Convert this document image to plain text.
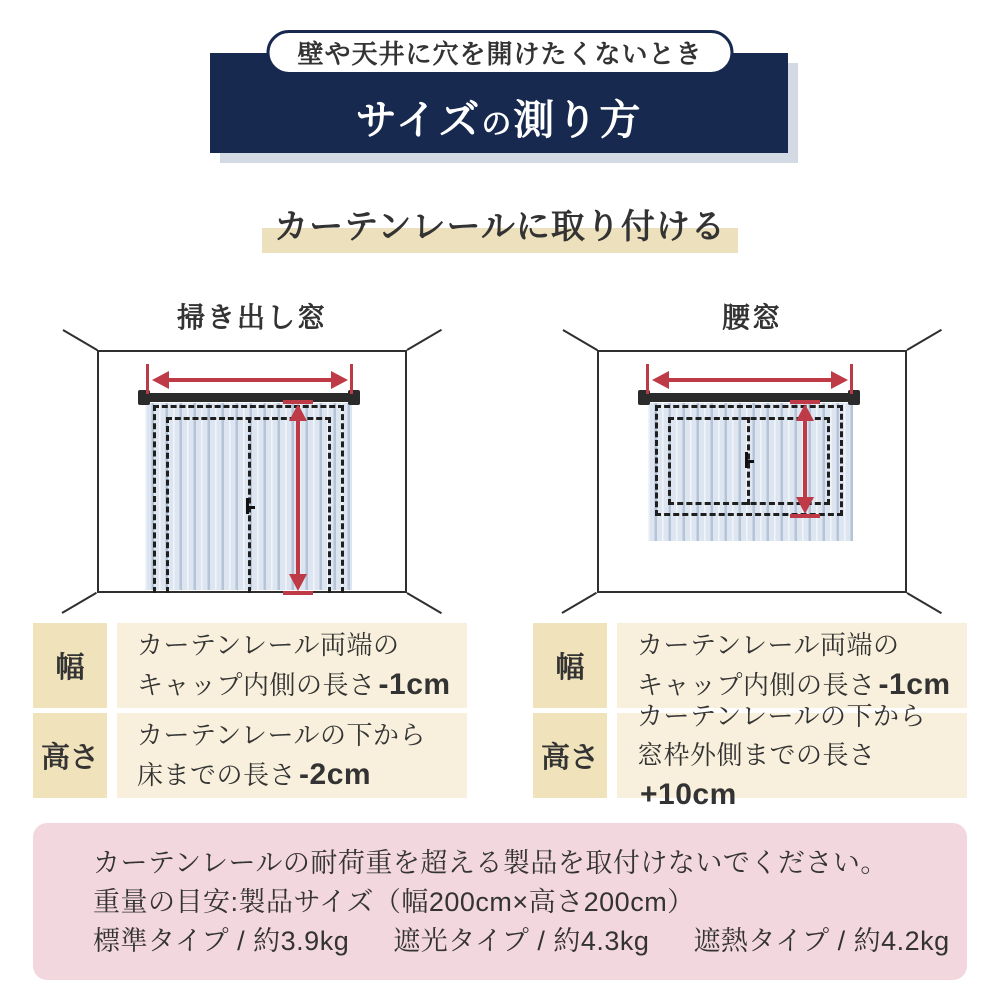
サイズの測り方
壁や天井に穴を開けたくないとき
カーテンレールに取り付ける
掃き出し窓	腰窓
幅
カーテンレール両端の
キャップ内側の長さ -1cm
高さ
カーテンレールの下から
床までの長さ -2cm
幅
カーテンレール両端の
キャップ内側の長さ -1cm
高さ
カーテンレールの下から
窓枠外側までの長さ+10cm

カーテンレールの耐荷重を超える製品を取付けないでください。

重量の目安:製品サイズ（幅200cm×高さ200cm）

標準タイプ / 約3.9kg 遮光タイプ / 約4.3kg 遮熱タイプ / 約4.2kg
